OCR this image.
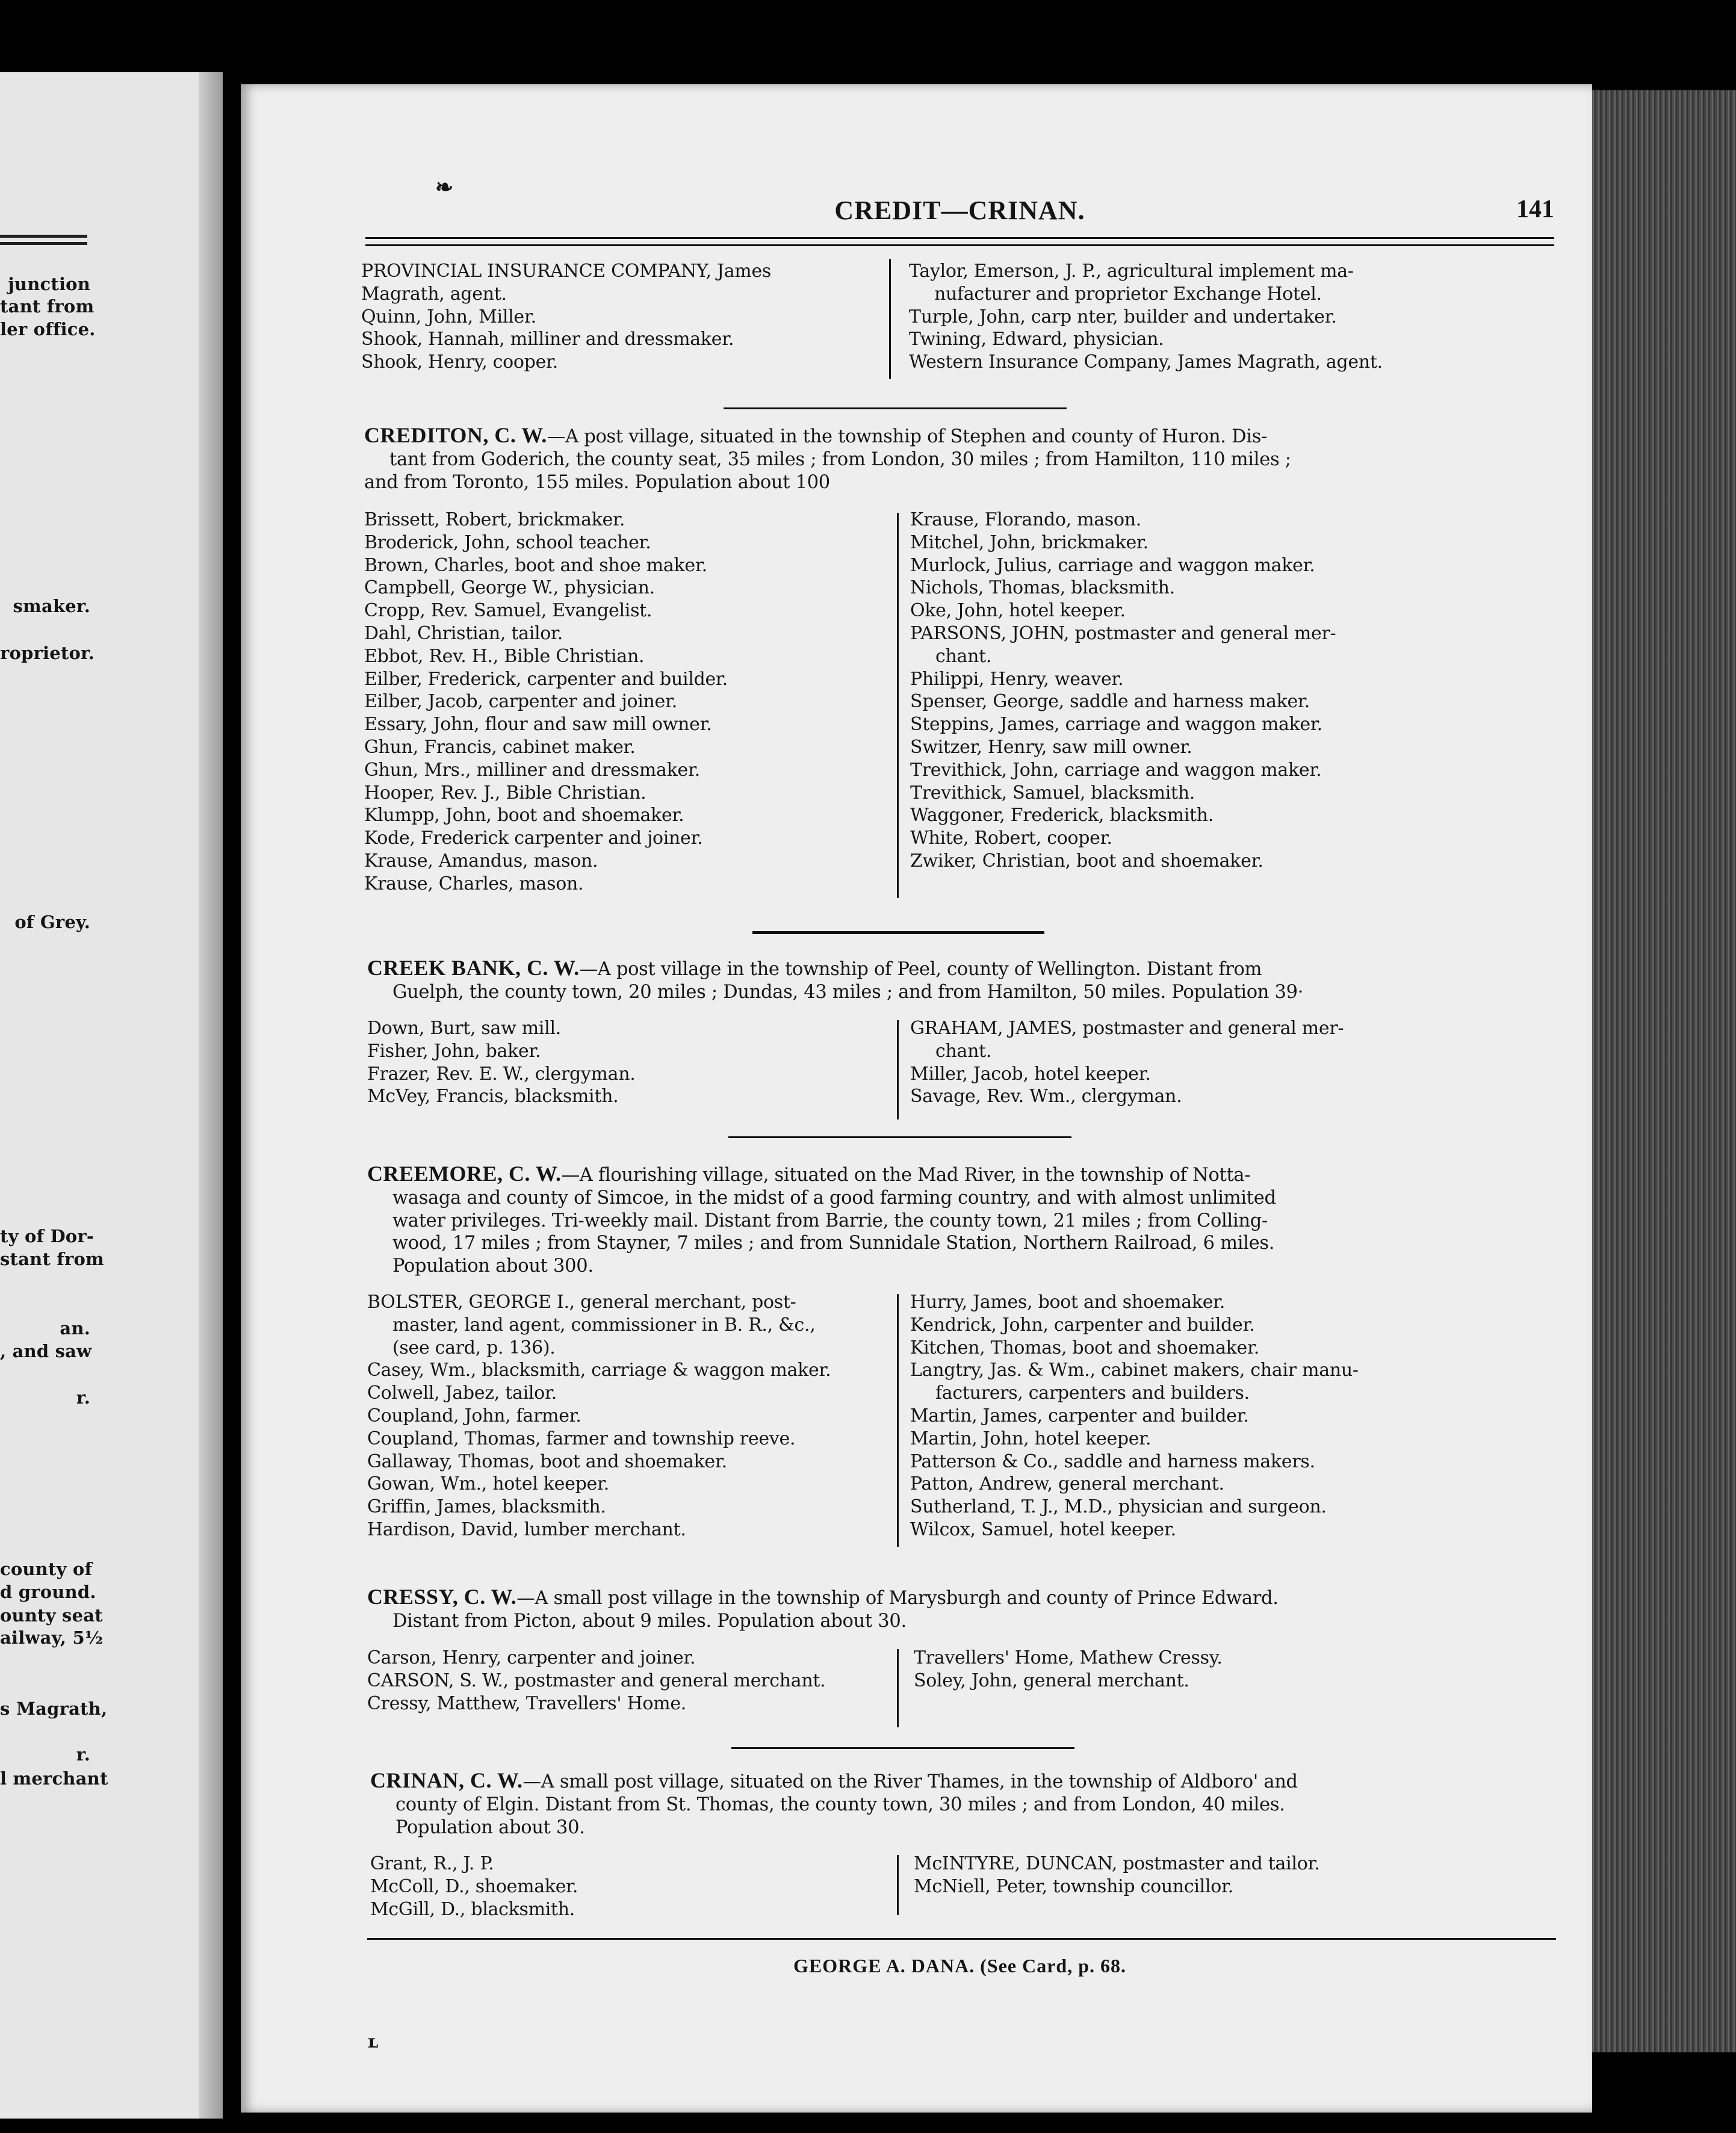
junction
tant from
ler office.
smaker.
roprietor.
of Grey.
ty of Dor-
stant from
an.
, and saw
r.
county of
d ground.
ounty seat
ailway, 5½
s Magrath,
r.
l merchant
❧
CREDIT—CRINAN.	141
PROVINCIAL INSURANCE COMPANY, James
Magrath, agent.
Quinn, John, Miller.
Shook, Hannah, milliner and dressmaker.
Shook, Henry, cooper.
Taylor, Emerson, J. P., agricultural implement ma-
nufacturer and proprietor Exchange Hotel.
Turple, John, carp nter, builder and undertaker.
Twining, Edward, physician.
Western Insurance Company, James Magrath, agent.
CREDITON, C. W.—A post village, situated in the township of Stephen and county of Huron. Dis-
tant from Goderich, the county seat, 35 miles ; from London, 30 miles ; from Hamilton, 110 miles ;
and from Toronto, 155 miles. Population about 100
Brissett, Robert, brickmaker.
Broderick, John, school teacher.
Brown, Charles, boot and shoe maker.
Campbell, George W., physician.
Cropp, Rev. Samuel, Evangelist.
Dahl, Christian, tailor.
Ebbot, Rev. H., Bible Christian.
Eilber, Frederick, carpenter and builder.
Eilber, Jacob, carpenter and joiner.
Essary, John, flour and saw mill owner.
Ghun, Francis, cabinet maker.
Ghun, Mrs., milliner and dressmaker.
Hooper, Rev. J., Bible Christian.
Klumpp, John, boot and shoemaker.
Kode, Frederick carpenter and joiner.
Krause, Amandus, mason.
Krause, Charles, mason.
Krause, Florando, mason.
Mitchel, John, brickmaker.
Murlock, Julius, carriage and waggon maker.
Nichols, Thomas, blacksmith.
Oke, John, hotel keeper.
PARSONS, JOHN, postmaster and general mer-
chant.
Philippi, Henry, weaver.
Spenser, George, saddle and harness maker.
Steppins, James, carriage and waggon maker.
Switzer, Henry, saw mill owner.
Trevithick, John, carriage and waggon maker.
Trevithick, Samuel, blacksmith.
Waggoner, Frederick, blacksmith.
White, Robert, cooper.
Zwiker, Christian, boot and shoemaker.
CREEK BANK, C. W.—A post village in the township of Peel, county of Wellington. Distant from
Guelph, the county town, 20 miles ; Dundas, 43 miles ; and from Hamilton, 50 miles. Population 39·
Down, Burt, saw mill.
Fisher, John, baker.
Frazer, Rev. E. W., clergyman.
McVey, Francis, blacksmith.
GRAHAM, JAMES, postmaster and general mer-
chant.
Miller, Jacob, hotel keeper.
Savage, Rev. Wm., clergyman.
CREEMORE, C. W.—A flourishing village, situated on the Mad River, in the township of Notta-
wasaga and county of Simcoe, in the midst of a good farming country, and with almost unlimited
water privileges. Tri-weekly mail. Distant from Barrie, the county town, 21 miles ; from Colling-
wood, 17 miles ; from Stayner, 7 miles ; and from Sunnidale Station, Northern Railroad, 6 miles.
Population about 300.
BOLSTER, GEORGE I., general merchant, post-
master, land agent, commissioner in B. R., &c.,
(see card, p. 136).
Casey, Wm., blacksmith, carriage & waggon maker.
Colwell, Jabez, tailor.
Coupland, John, farmer.
Coupland, Thomas, farmer and township reeve.
Gallaway, Thomas, boot and shoemaker.
Gowan, Wm., hotel keeper.
Griffin, James, blacksmith.
Hardison, David, lumber merchant.
Hurry, James, boot and shoemaker.
Kendrick, John, carpenter and builder.
Kitchen, Thomas, boot and shoemaker.
Langtry, Jas. & Wm., cabinet makers, chair manu-
facturers, carpenters and builders.
Martin, James, carpenter and builder.
Martin, John, hotel keeper.
Patterson & Co., saddle and harness makers.
Patton, Andrew, general merchant.
Sutherland, T. J., M.D., physician and surgeon.
Wilcox, Samuel, hotel keeper.
CRESSY, C. W.—A small post village in the township of Marysburgh and county of Prince Edward.
Distant from Picton, about 9 miles. Population about 30.
Carson, Henry, carpenter and joiner.
CARSON, S. W., postmaster and general merchant.
Cressy, Matthew, Travellers' Home.
Travellers' Home, Mathew Cressy.
Soley, John, general merchant.
CRINAN, C. W.—A small post village, situated on the River Thames, in the township of Aldboro' and
county of Elgin. Distant from St. Thomas, the county town, 30 miles ; and from London, 40 miles.
Population about 30.
Grant, R., J. P.
McColl, D., shoemaker.
McGill, D., blacksmith.
McINTYRE, DUNCAN, postmaster and tailor.
McNiell, Peter, township councillor.
GEORGE A. DANA. (See Card, p. 68.
ʟ
